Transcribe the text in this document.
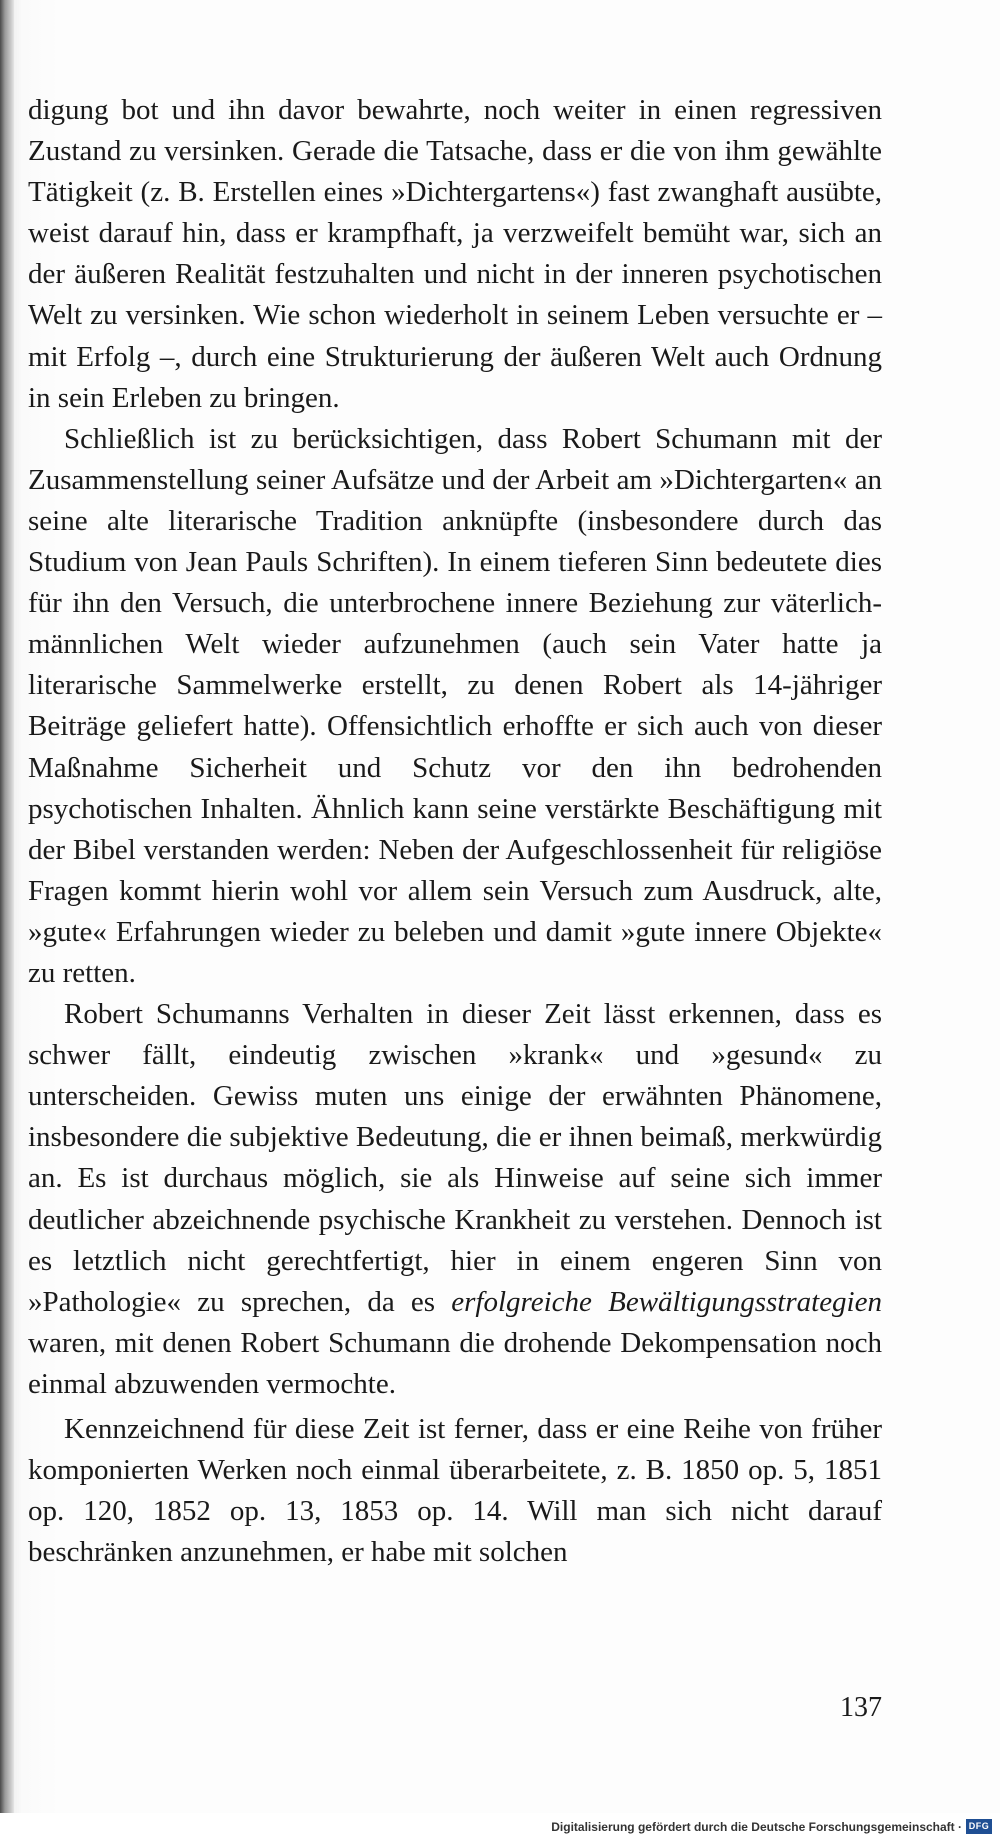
digung bot und ihn davor bewahrte, noch weiter in einen regressiven Zustand zu versinken. Gerade die Tatsache, dass er die von ihm gewählte Tätigkeit (z. B. Erstellen eines »Dichtergartens«) fast zwanghaft ausübte, weist darauf hin, dass er krampfhaft, ja verzweifelt bemüht war, sich an der äußeren Realität festzuhalten und nicht in der inneren psychotischen Welt zu versinken. Wie schon wiederholt in seinem Leben versuchte er – mit Erfolg –, durch eine Strukturierung der äußeren Welt auch Ordnung in sein Erleben zu bringen.

Schließlich ist zu berücksichtigen, dass Robert Schumann mit der Zusammenstellung seiner Aufsätze und der Arbeit am »Dichtergarten« an seine alte literarische Tradition anknüpfte (insbesondere durch das Studium von Jean Pauls Schriften). In einem tieferen Sinn bedeutete dies für ihn den Versuch, die unterbrochene innere Beziehung zur väterlich-männlichen Welt wieder aufzunehmen (auch sein Vater hatte ja literarische Sammelwerke erstellt, zu denen Robert als 14-jähriger Beiträge geliefert hatte). Offensichtlich erhoffte er sich auch von dieser Maßnahme Sicherheit und Schutz vor den ihn bedrohenden psychotischen Inhalten. Ähnlich kann seine verstärkte Beschäftigung mit der Bibel verstanden werden: Neben der Aufgeschlossenheit für religiöse Fragen kommt hierin wohl vor allem sein Versuch zum Ausdruck, alte, »gute« Erfahrungen wieder zu beleben und damit »gute innere Objekte« zu retten.

Robert Schumanns Verhalten in dieser Zeit lässt erkennen, dass es schwer fällt, eindeutig zwischen »krank« und »gesund« zu unterscheiden. Gewiss muten uns einige der erwähnten Phänomene, insbesondere die subjektive Bedeutung, die er ihnen beimaß, merkwürdig an. Es ist durchaus möglich, sie als Hinweise auf seine sich immer deutlicher abzeichnende psychische Krankheit zu verstehen. Dennoch ist es letztlich nicht gerechtfertigt, hier in einem engeren Sinn von »Pathologie« zu sprechen, da es erfolgreiche Bewältigungsstrategien waren, mit denen Robert Schumann die drohende Dekompensation noch einmal abzuwenden vermochte.

Kennzeichnend für diese Zeit ist ferner, dass er eine Reihe von früher komponierten Werken noch einmal überarbeitete, z. B. 1850 op. 5, 1851 op. 120, 1852 op. 13, 1853 op. 14. Will man sich nicht darauf beschränken anzunehmen, er habe mit solchen

137
Digitalisierung gefördert durch die Deutsche Forschungsgemeinschaft · DFG
